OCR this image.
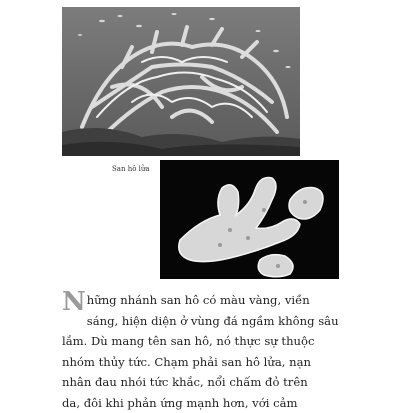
San hô lửa

N hững nhánh san hô có màu vàng, viền
sáng, hiện diện ở vùng đá ngầm không sâu
lắm. Dù mang tên san hô, nó thực sự thuộc
nhóm thủy tức. Chạm phải san hô lửa, nạn
nhân đau nhói tức khắc, nổi chấm đỏ trên
da, đôi khi phản ứng mạnh hơn, với cảm
